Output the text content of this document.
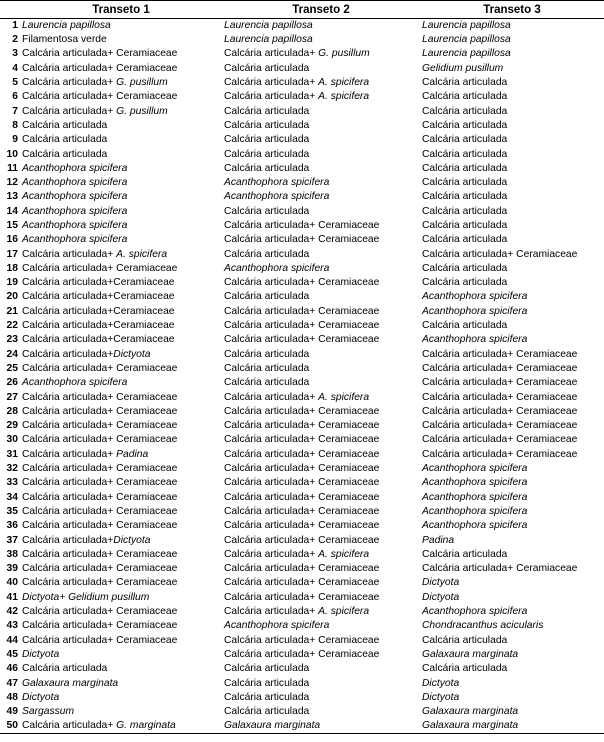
	Transeto 1	Transeto 2	Transeto 3
1	Laurencia papillosa	Laurencia papillosa	Laurencia papillosa
2	Filamentosa verde	Laurencia papillosa	Laurencia papillosa
3	Calcária articulada+ Ceramiaceae	Calcária articulada+ G. pusillum	Laurencia papillosa
4	Calcária articulada+ Ceramiaceae	Calcária articulada	Gelidium pusillum
5	Calcária articulada+ G. pusillum	Calcária articulada+ A. spicifera	Calcária articulada
6	Calcária articulada+ Ceramiaceae	Calcária articulada+ A. spicifera	Calcária articulada
7	Calcária articulada+ G. pusillum	Calcária articulada	Calcária articulada
8	Calcária articulada	Calcária articulada	Calcária articulada
9	Calcária articulada	Calcária articulada	Calcária articulada
10	Calcária articulada	Calcária articulada	Calcária articulada
11	Acanthophora spicifera	Calcária articulada	Calcária articulada
12	Acanthophora spicifera	Acanthophora spicifera	Calcária articulada
13	Acanthophora spicifera	Acanthophora spicifera	Calcária articulada
14	Acanthophora spicifera	Calcária articulada	Calcária articulada
15	Acanthophora spicifera	Calcária articulada+ Ceramiaceae	Calcária articulada
16	Acanthophora spicifera	Calcária articulada+ Ceramiaceae	Calcária articulada
17	Calcária articulada+ A. spicifera	Calcária articulada	Calcária articulada+ Ceramiaceae
18	Calcária articulada+ Ceramiaceae	Acanthophora spicifera	Calcária articulada
19	Calcária articulada+Ceramiaceae	Calcária articulada+ Ceramiaceae	Calcária articulada
20	Calcária articulada+Ceramiaceae	Calcária articulada	Acanthophora spicifera
21	Calcária articulada+Ceramiaceae	Calcária articulada+ Ceramiaceae	Acanthophora spicifera
22	Calcária articulada+Ceramiaceae	Calcária articulada+ Ceramiaceae	Calcária articulada
23	Calcária articulada+Ceramiaceae	Calcária articulada+ Ceramiaceae	Acanthophora spicifera
24	Calcária articulada+Dictyota	Calcária articulada	Calcária articulada+ Ceramiaceae
25	Calcária articulada+ Ceramiaceae	Calcária articulada	Calcária articulada+ Ceramiaceae
26	Acanthophora spicifera	Calcária articulada	Calcária articulada+ Ceramiaceae
27	Calcária articulada+ Ceramiaceae	Calcária articulada+ A. spicifera	Calcária articulada+ Ceramiaceae
28	Calcária articulada+ Ceramiaceae	Calcária articulada+ Ceramiaceae	Calcária articulada+ Ceramiaceae
29	Calcária articulada+ Ceramiaceae	Calcária articulada+ Ceramiaceae	Calcária articulada+ Ceramiaceae
30	Calcária articulada+ Ceramiaceae	Calcária articulada+ Ceramiaceae	Calcária articulada+ Ceramiaceae
31	Calcária articulada+ Padina	Calcária articulada+ Ceramiaceae	Calcária articulada+ Ceramiaceae
32	Calcária articulada+ Ceramiaceae	Calcária articulada+ Ceramiaceae	Acanthophora spicifera
33	Calcária articulada+ Ceramiaceae	Calcária articulada+ Ceramiaceae	Acanthophora spicifera
34	Calcária articulada+ Ceramiaceae	Calcária articulada+ Ceramiaceae	Acanthophora spicifera
35	Calcária articulada+ Ceramiaceae	Calcária articulada+ Ceramiaceae	Acanthophora spicifera
36	Calcária articulada+ Ceramiaceae	Calcária articulada+ Ceramiaceae	Acanthophora spicifera
37	Calcária articulada+Dictyota	Calcária articulada+ Ceramiaceae	Padina
38	Calcária articulada+ Ceramiaceae	Calcária articulada+ A. spicifera	Calcária articulada
39	Calcária articulada+ Ceramiaceae	Calcária articulada+ Ceramiaceae	Calcária articulada+ Ceramiaceae
40	Calcária articulada+ Ceramiaceae	Calcária articulada+ Ceramiaceae	Dictyota
41	Dictyota+ Gelidium pusillum	Calcária articulada+ Ceramiaceae	Dictyota
42	Calcária articulada+ Ceramiaceae	Calcária articulada+ A. spicifera	Acanthophora spicifera
43	Calcária articulada+ Ceramiaceae	Acanthophora spicifera	Chondracanthus acicularis
44	Calcária articulada+ Ceramiaceae	Calcária articulada+ Ceramiaceae	Calcária articulada
45	Dictyota	Calcária articulada+ Ceramiaceae	Galaxaura marginata
46	Calcária articulada	Calcária articulada	Calcária articulada
47	Galaxaura marginata	Calcária articulada	Dictyota
48	Dictyota	Calcária articulada	Dictyota
49	Sargassum	Calcária articulada	Galaxaura marginata
50	Calcária articulada+ G. marginata	Galaxaura marginata	Galaxaura marginata
